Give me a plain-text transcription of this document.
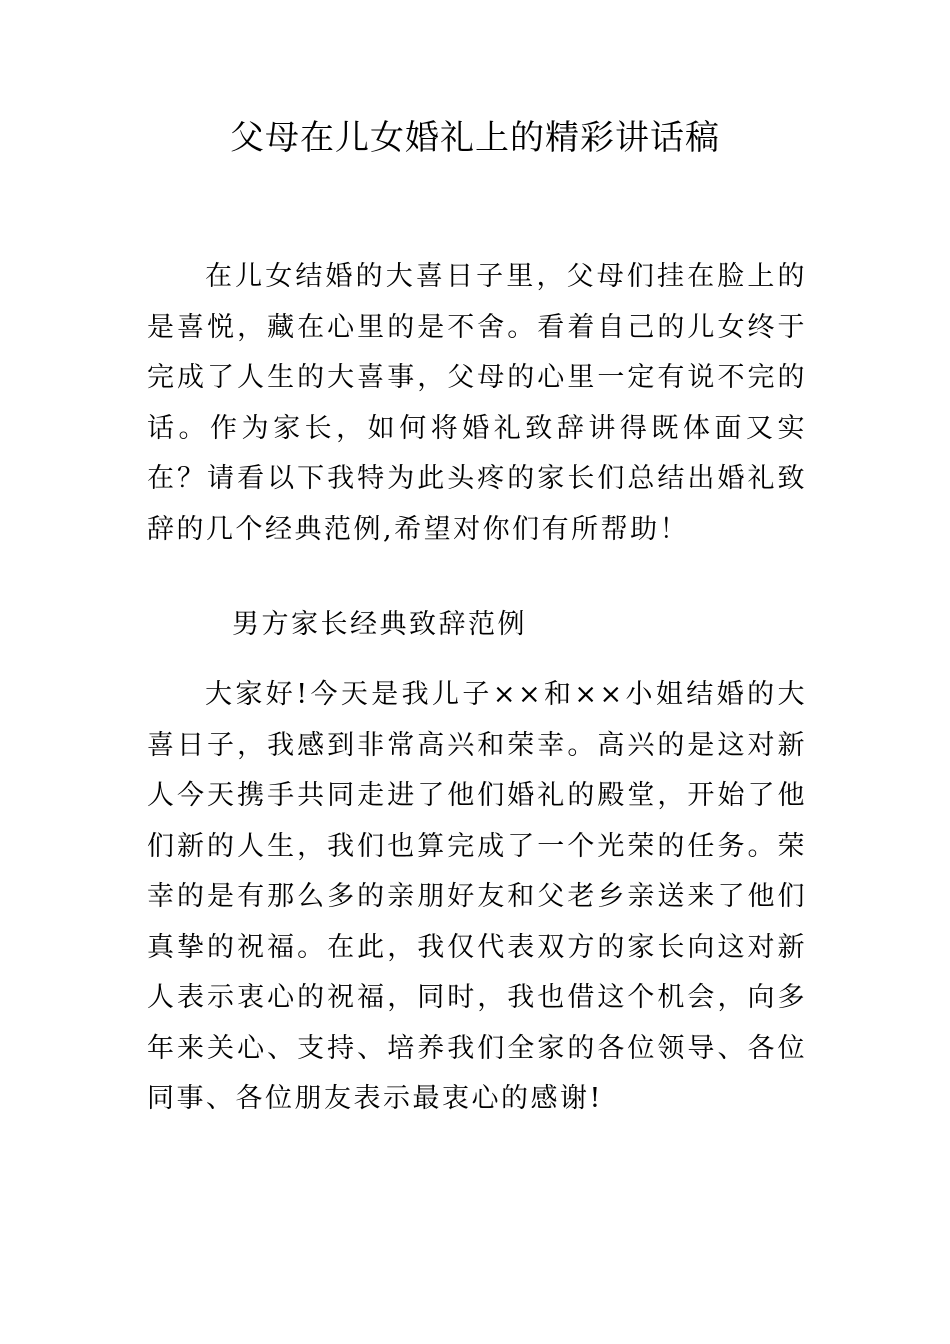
父母在儿女婚礼上的精彩讲话稿

在儿女结婚的大喜日子里，父母们挂在脸上的是喜悦，藏在心里的是不舍。看着自己的儿女终于完成了人生的大喜事，父母的心里一定有说不完的话。作为家长，如何将婚礼致辞讲得既体面又实在？请看以下我特为此头疼的家长们总结出婚礼致辞的几个经典范例,希望对你们有所帮助！

男方家长经典致辞范例

大家好!今天是我儿子××和××小姐结婚的大喜日子，我感到非常高兴和荣幸。高兴的是这对新人今天携手共同走进了他们婚礼的殿堂，开始了他们新的人生，我们也算完成了一个光荣的任务。荣幸的是有那么多的亲朋好友和父老乡亲送来了他们真挚的祝福。在此，我仅代表双方的家长向这对新人表示衷心的祝福，同时，我也借这个机会，向多年来关心、支持、培养我们全家的各位领导、各位同事、各位朋友表示最衷心的感谢!
